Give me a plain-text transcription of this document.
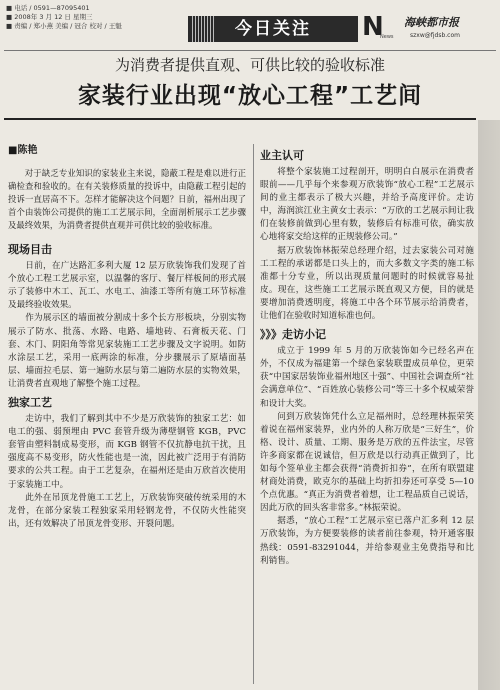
■ 电话 / 0591—87095401
■ 2008年 3 月 12 日 星期三
■ 责编 / 郑小燕 美编 / 冠合 校对 / 王魁	今日关注	N
News
海峡都市报
szxw@fjdsb.com
为消费者提供直观、可供比较的验收标准
家装行业出现“放心工程”工艺间
■陈艳

对于缺乏专业知识的家装业主来说，隐蔽工程是难以进行正确检查和验收的。在有关装修质量的投诉中，由隐蔽工程引起的投诉一直居高不下。怎样才能解决这个问题？日前，福州出现了首个由装饰公司提供的施工工艺展示间，全面剖析展示工艺步骤及最终效果，为消费者提供直观并可供比较的验收标准。

现场目击

日前，在广达路汇多利大厦 12 层万欣装饰我们发现了首个放心工程工艺展示室，以温馨的客厅、餐厅样板间的形式展示了装修中木工、瓦工、水电工、油漆工等所有施工环节标准及最终验收效果。

作为展示区的墙面被分割成十多个长方形板块，分别实物展示了防水、批荡、水路、电路、墙地砖、石膏板天花、门套、木门、阴阳角等常见家装施工工艺步骤及文字说明。如防水涂层工艺，采用一底两涂的标准，分步骤展示了原墙面基层、墙面拉毛层、第一遍防水层与第二遍防水层的实物效果，让消费者直观地了解整个施工过程。

独家工艺

走访中，我们了解到其中不少是万欣装饰的独家工艺：如电工的强、弱预埋由 PVC 套管升级为薄壁钢管 KGB，PVC 套管由塑料制成易变形，而 KGB 钢管不仅抗静电抗干扰，且强度高不易变形，防火性能也是一流，因此被广泛用于有消防要求的公共工程。由于工艺复杂，在福州还是由万欣首次使用于家装施工中。

此外在吊顶龙骨施工工艺上，万欣装饰突破传统采用的木龙骨，在部分家装工程独家采用轻钢龙骨，不仅防火性能突出，还有效解决了吊顶龙骨变形、开裂问题。

业主认可

将整个家装施工过程剖开，明明白白展示在消费者眼前——几乎每个来参观万欣装饰“放心工程”工艺展示间的业主都表示了极大兴趣，并给予高度评价。走访中，海润滨江业主黄女士表示：“万欣的工艺展示间让我们在装修前做到心里有数，装修后有标准可依，确实放心地将家交给这样的正规装修公司。”

据万欣装饰林振荣总经理介绍，过去家装公司对施工工程的承诺都是口头上的，而大多数文字类的施工标准都十分专业，所以出现质量问题时的时候就容易扯皮。现在，这些施工工艺展示既直观又方便，目的就是要增加消费透明度，将施工中各个环节展示给消费者，让他们在验收时知道标准也何。

》》》走访小记

成立于 1999 年 5 月的万欣装饰如今已经名声在外，不仅成为福建第一个绿色家装联盟成员单位，更荣获“中国家居装饰业福州地区十强”、中国社会调查所“社会满意单位”、“百姓放心装修公司”等三十多个权威荣誉和设计大奖。

问到万欣装饰凭什么立足福州时，总经理林振荣笑着说在福州家装界，业内外的人称万欣是“三好生”，价格、设计、质量、工期、服务是万欣的五件法宝，尽管许多商家都在说诚信，但万欣是以行动真正做到了，比如每个签单业主都会获得“消费折扣券”，在所有联盟建材商处消费，欧克尔的基础上均折扣券还可享受 5—10 个点优惠。“真正为消费者着想，让工程品质自己说话，因此万欣的回头客非常多。”林振荣说。

据悉，“放心工程”工艺展示室已落户汇多利 12 层万欣装饰，为方便要装修的读者前往参观，特开通客服热线：0591-83291044，并给参观业主免费指导和比利销售。
